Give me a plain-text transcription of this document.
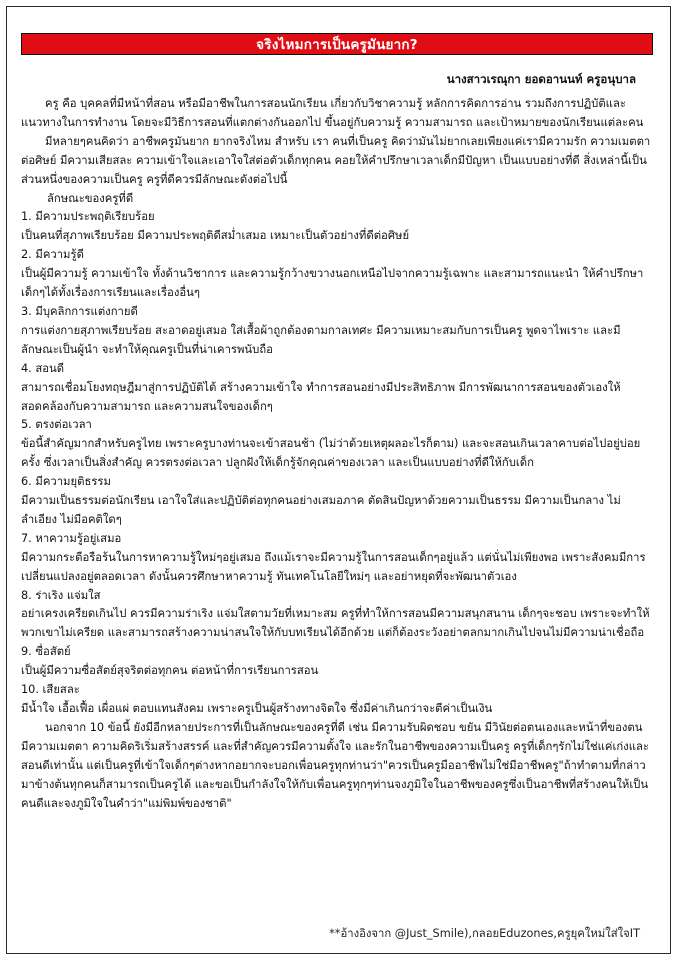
จริงไหมการเป็นครูมันยาก?
นางสาวเรณุกา ยอดอานนท์ ครูอนุบาล

ครู คือ บุคคลที่มีหน้าที่สอน หรือมีอาชีพในการสอนนักเรียน เกี่ยวกับวิชาความรู้ หลักการคิดการอ่าน รวมถึงการปฏิบัติและแนวทางในการทำงาน โดยจะมีวิธีการสอนที่แตกต่างกันออกไป ขึ้นอยู่กับความรู้ ความสามารถ และเป้าหมายของนักเรียนแต่ละคน

มีหลายๆคนคิดว่า อาชีพครูมันยาก ยากจริงไหม สำหรับ เรา คนที่เป็นครู คิดว่ามันไม่ยากเลยเพียงแค่เรามีความรัก ความเมตตาต่อศิษย์ มีความเสียสละ ความเข้าใจและเอาใจใส่ต่อตัวเด็กทุกคน คอยให้คำปรึกษาเวลาเด็กมีปัญหา เป็นแบบอย่างที่ดี สิ่งเหล่านี้เป็นส่วนหนึ่งของความเป็นครู ครูที่ดีควรมีลักษณะดังต่อไปนี้

ลักษณะของครูที่ดี

1. มีความประพฤติเรียบร้อย

เป็นคนที่สุภาพเรียบร้อย มีความประพฤติดีสม่ำเสมอ เหมาะเป็นตัวอย่างที่ดีต่อศิษย์

2. มีความรู้ดี

เป็นผู้มีความรู้ ความเข้าใจ ทั้งด้านวิชาการ และความรู้กว้างขวางนอกเหนือไปจากความรู้เฉพาะ และสามารถแนะนำ ให้คำปรึกษาเด็กๆได้ทั้งเรื่องการเรียนและเรื่องอื่นๆ

3. มีบุคลิกการแต่งกายดี

การแต่งกายสุภาพเรียบร้อย สะอาดอยู่เสมอ ใส่เสื้อผ้าถูกต้องตามกาลเทศะ มีความเหมาะสมกับการเป็นครู พูดจาไพเราะ และมีลักษณะเป็นผู้นำ จะทำให้คุณครูเป็นที่น่าเคารพนับถือ

4. สอนดี

สามารถเชื่อมโยงทฤษฎีมาสู่การปฏิบัติได้ สร้างความเข้าใจ ทำการสอนอย่างมีประสิทธิภาพ มีการพัฒนาการสอนของตัวเองให้สอดคล้องกับความสามารถ และความสนใจของเด็กๆ

5. ตรงต่อเวลา

ข้อนี้สำคัญมากสำหรับครูไทย เพราะครูบางท่านจะเข้าสอนช้า (ไม่ว่าด้วยเหตุผลอะไรก็ตาม) และจะสอนเกินเวลาคาบต่อไปอยู่บ่อยครั้ง ซึ่งเวลาเป็นสิ่งสำคัญ ควรตรงต่อเวลา ปลูกฝังให้เด็กรู้จักคุณค่าของเวลา และเป็นแบบอย่างที่ดีให้กับเด็ก

6. มีความยุติธรรม

มีความเป็นธรรมต่อนักเรียน เอาใจใส่และปฏิบัติต่อทุกคนอย่างเสมอภาค ตัดสินปัญหาด้วยความเป็นธรรม มีความเป็นกลาง ไม่ลำเอียง ไม่มีอคติใดๆ

7. หาความรู้อยู่เสมอ

มีความกระตือรือร้นในการหาความรู้ใหม่ๆอยู่เสมอ ถึงแม้เราจะมีความรู้ในการสอนเด็กๆอยู่แล้ว แต่นั่นไม่เพียงพอ เพราะสังคมมีการเปลี่ยนแปลงอยู่ตลอดเวลา ดังนั้นควรศึกษาหาความรู้ ทันเทคโนโลยีใหม่ๆ และอย่าหยุดที่จะพัฒนาตัวเอง

8. ร่าเริง แจ่มใส

อย่าเครงเครียดเกินไป ควรมีความร่าเริง แจ่มใสตามวัยที่เหมาะสม ครูที่ทำให้การสอนมีความสนุกสนาน เด็กๆจะชอบ เพราะจะทำให้พวกเขาไม่เครียด และสามารถสร้างความน่าสนใจให้กับบทเรียนได้อีกด้วย แต่ก็ต้องระวังอย่าตลกมากเกินไปจนไม่มีความน่าเชื่อถือ

9. ซื่อสัตย์

เป็นผู้มีความซื่อสัตย์สุจริตต่อทุกคน ต่อหน้าที่การเรียนการสอน

10. เสียสละ

มีน้ำใจ เอื้อเฟื้อ เผื่อแผ่ ตอบแทนสังคม เพราะครูเป็นผู้สร้างทางจิตใจ ซึ่งมีค่าเกินกว่าจะตีค่าเป็นเงิน

นอกจาก 10 ข้อนี้ ยังมีอีกหลายประการที่เป็นลักษณะของครูที่ดี เช่น มีความรับผิดชอบ ขยัน มีวินัยต่อตนเองและหน้าที่ของตน มีความเมตตา ความคิดริเริ่มสร้างสรรค์ และที่สำคัญควรมีความตั้งใจ และรักในอาชีพของความเป็นครู ครูที่เด็กๆรักไม่ใช่แค่เก่งและสอนดีเท่านั้น แต่เป็นครูที่เข้าใจเด็กๆต่างหากอยากจะบอกเพื่อนครูทุกท่านว่า"ควรเป็นครูมืออาชีพไม่ใช่มีอาชีพครู"ถ้าทำตามที่กล่าวมาข้างต้นทุกคนก็สามารถเป็นครูได้ และขอเป็นกำลังใจให้กับเพื่อนครูทุกๆท่านจงภูมิใจในอาชีพของครูซึ่งเป็นอาชีพที่สร้างคนให้เป็นคนดีและจงภูมิใจในคำว่า"แม่พิมพ์ของชาติ"

**อ้างอิงจาก @Just_Smile),กลอยEduzones,ครูยุคใหม่ใส่ใจIT
